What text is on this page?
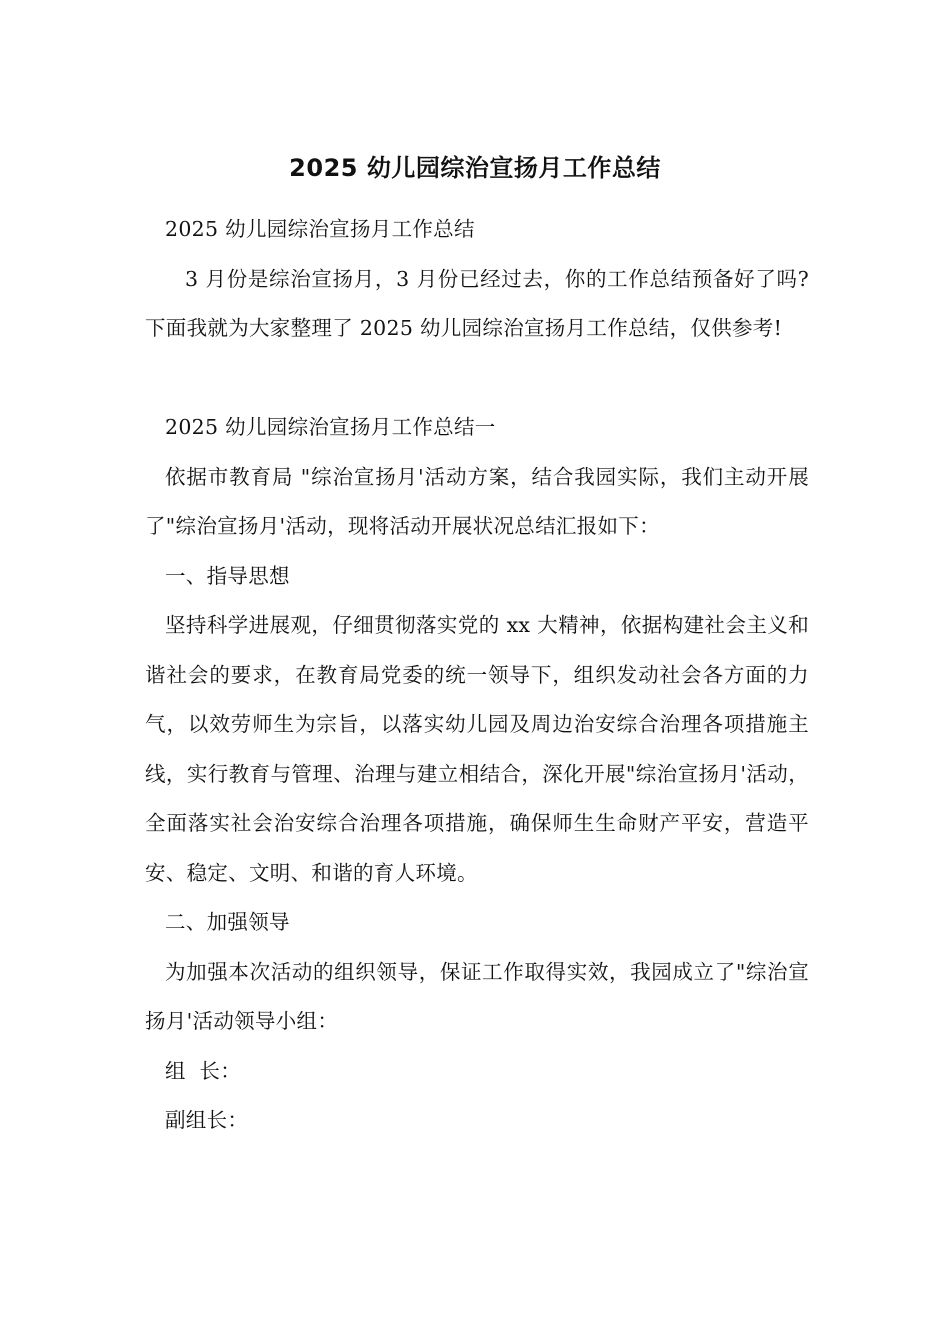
2025 幼儿园综治宣扬月工作总结

2025 幼儿园综治宣扬月工作总结

3 月份是综治宣扬月，3 月份已经过去，你的工作总结预备好了吗?下面我就为大家整理了 2025 幼儿园综治宣扬月工作总结，仅供参考!

2025 幼儿园综治宣扬月工作总结一

依据市教育局 "综治宣扬月'活动方案，结合我园实际，我们主动开展了"综治宣扬月'活动，现将活动开展状况总结汇报如下：

一、指导思想

坚持科学进展观，仔细贯彻落实党的 xx 大精神，依据构建社会主义和谐社会的要求，在教育局党委的统一领导下，组织发动社会各方面的力气，以效劳师生为宗旨，以落实幼儿园及周边治安综合治理各项措施主线，实行教育与管理、治理与建立相结合，深化开展"综治宣扬月'活动，全面落实社会治安综合治理各项措施，确保师生生命财产平安，营造平安、稳定、文明、和谐的育人环境。

二、加强领导

为加强本次活动的组织领导，保证工作取得实效，我园成立了"综治宣扬月'活动领导小组：

组  长：

副组长：
